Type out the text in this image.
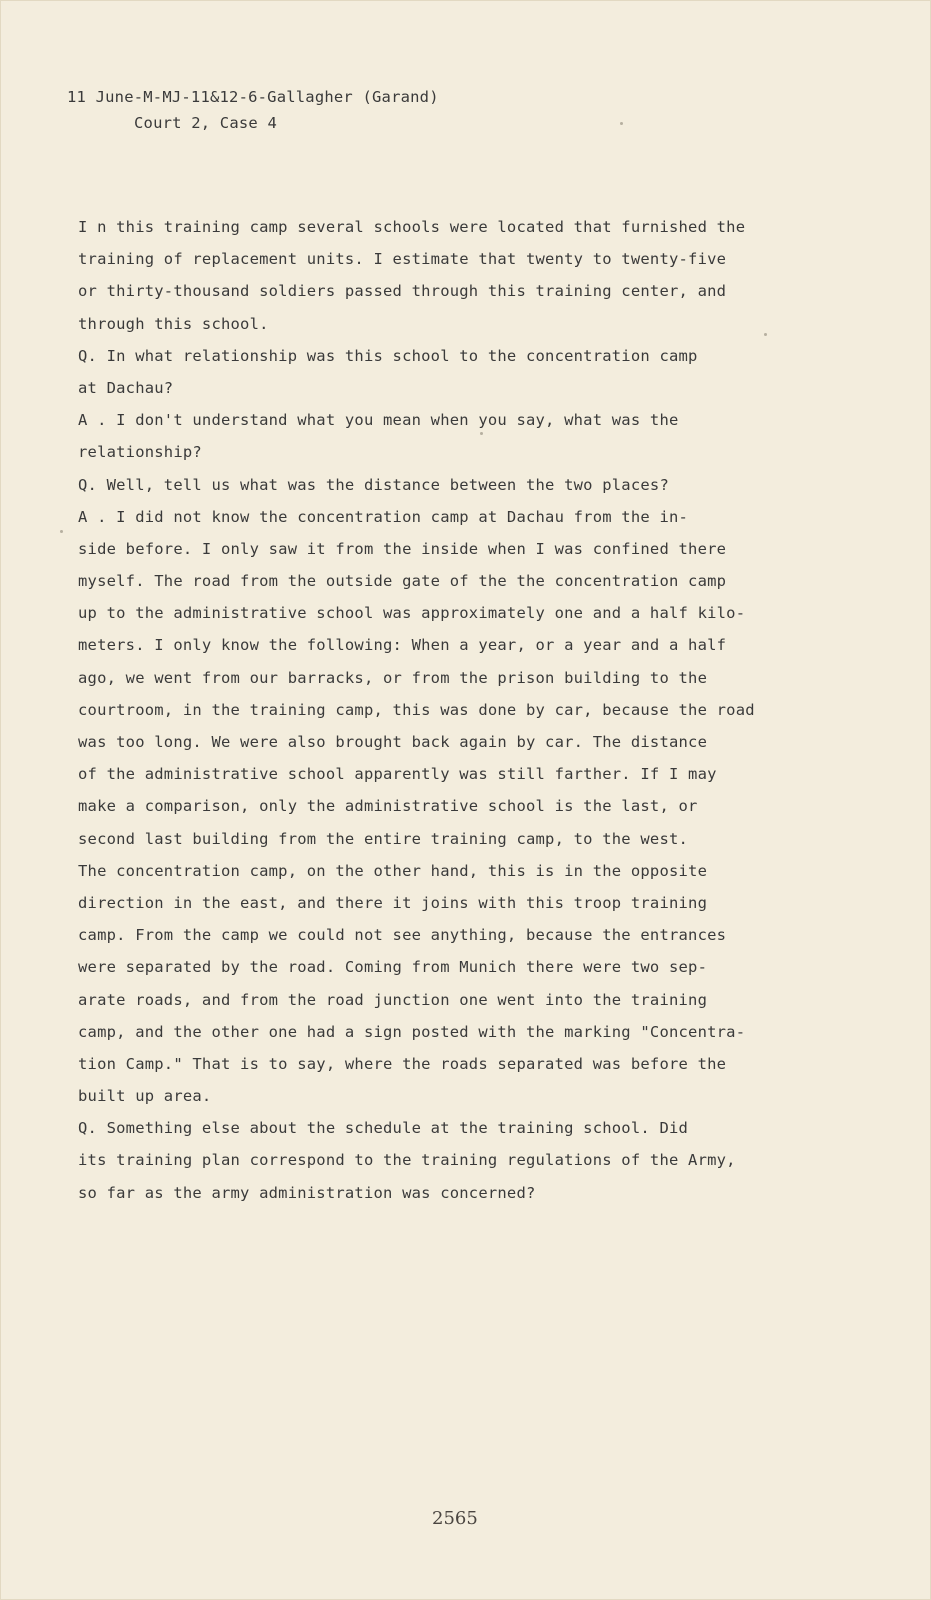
11 June-M-MJ-11&12-6-Gallagher (Garand)
Court 2, Case 4
I n this training camp several schools were located that furnished the
training of replacement units. I estimate that twenty to twenty-five
or thirty-thousand soldiers passed through this training center, and
through this school.
Q. In what relationship was this school to the concentration camp
at Dachau?
A . I don't understand what you mean when you say, what was the
relationship?
Q. Well, tell us what was the distance between the two places?
A . I did not know the concentration camp at Dachau from the in-
side before. I only saw it from the inside when I was confined there
myself. The road from the outside gate of the the concentration camp
up to the administrative school was approximately one and a half kilo-
meters. I only know the following: When a year, or a year and a half
ago, we went from our barracks, or from the prison building to the
courtroom, in the training camp, this was done by car, because the road
was too long. We were also brought back again by car. The distance
of the administrative school apparently was still farther. If I may
make a comparison, only the administrative school is the last, or
second last building from the entire training camp, to the west.
The concentration camp, on the other hand, this is in the opposite
direction in the east, and there it joins with this troop training
camp. From the camp we could not see anything, because the entrances
were separated by the road. Coming from Munich there were two sep-
arate roads, and from the road junction one went into the training
camp, and the other one had a sign posted with the marking "Concentra-
tion Camp." That is to say, where the roads separated was before the
built up area.
Q. Something else about the schedule at the training school. Did
its training plan correspond to the training regulations of the Army,
so far as the army administration was concerned?
2565
